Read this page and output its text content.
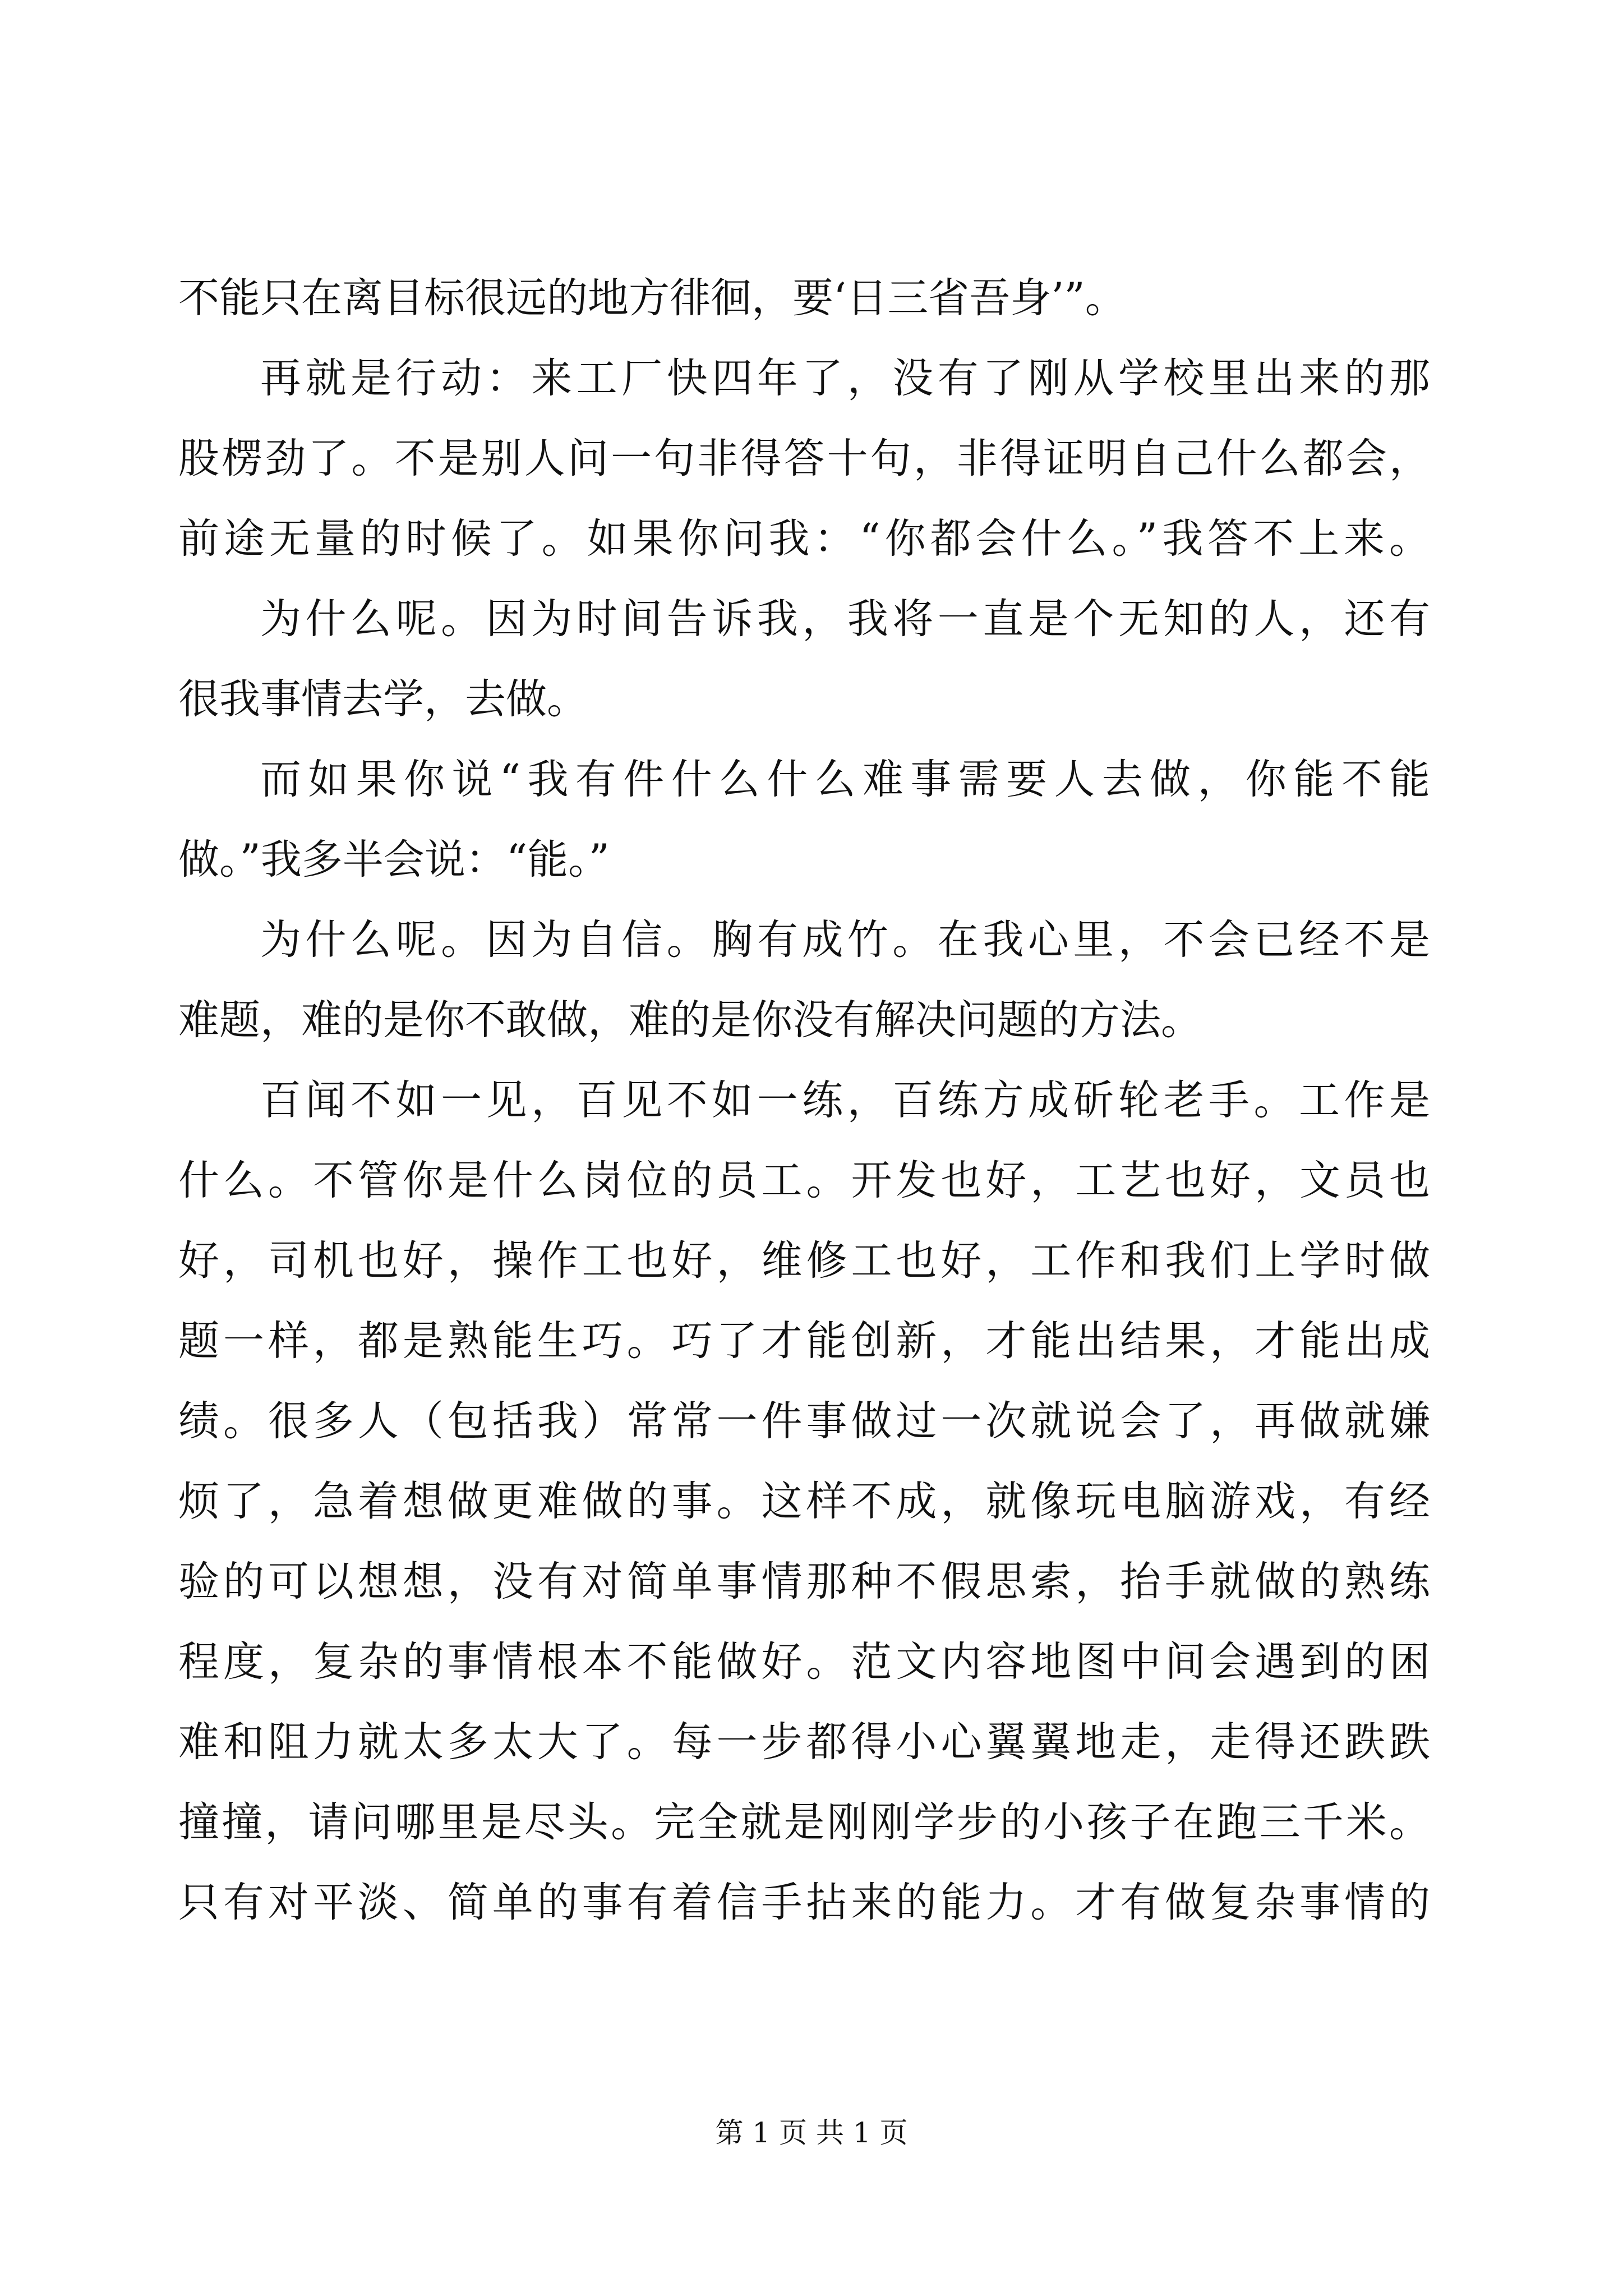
不能只在离目标很远的地方徘徊，要‘日三省吾身’”。
再就是行动：来工厂快四年了，没有了刚从学校里出来的那
股楞劲了。不是别人问一句非得答十句，非得证明自己什么都会，
前途无量的时候了。如果你问我：“你都会什么。”我答不上来。
为什么呢。因为时间告诉我，我将一直是个无知的人，还有
很我事情去学，去做。
而如果你说“我有件什么什么难事需要人去做，你能不能
做。”我多半会说：“能。”
为什么呢。因为自信。胸有成竹。在我心里，不会已经不是
难题，难的是你不敢做，难的是你没有解决问题的方法。
百闻不如一见，百见不如一练，百练方成斫轮老手。工作是
什么。不管你是什么岗位的员工。开发也好，工艺也好，文员也
好，司机也好，操作工也好，维修工也好，工作和我们上学时做
题一样，都是熟能生巧。巧了才能创新，才能出结果，才能出成
绩。很多人（包括我）常常一件事做过一次就说会了，再做就嫌
烦了，急着想做更难做的事。这样不成，就像玩电脑游戏，有经
验的可以想想，没有对简单事情那种不假思索，抬手就做的熟练
程度，复杂的事情根本不能做好。范文内容地图中间会遇到的困
难和阻力就太多太大了。每一步都得小心翼翼地走，走得还跌跌
撞撞，请问哪里是尽头。完全就是刚刚学步的小孩子在跑三千米。
只有对平淡、简单的事有着信手拈来的能力。才有做复杂事情的
第 1 页 共 1 页
